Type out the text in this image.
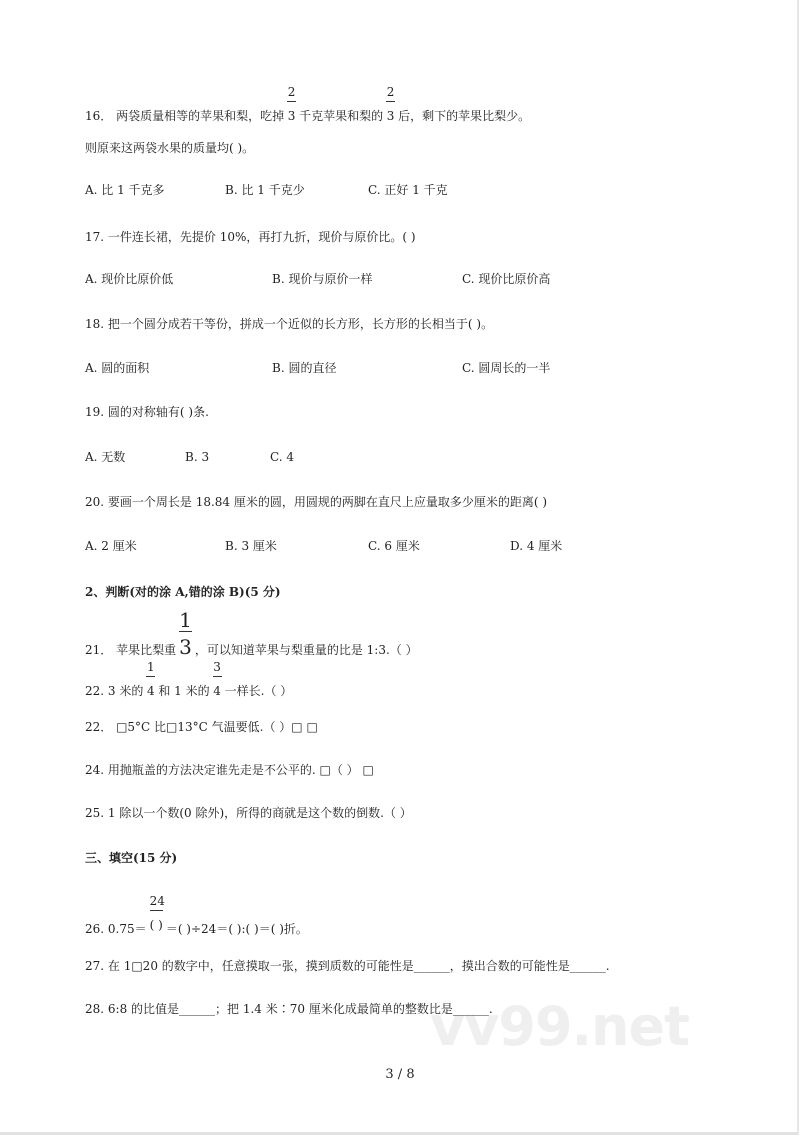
vv99.net
16． 两袋质量相等的苹果和梨，吃掉 $\frac{2}{3}$ 千克苹果和梨的 $\frac{2}{3}$ 后，剩下的苹果比梨少。
则原来这两袋水果的质量均( )。
A. 比 1 千克多	B. 比 1 千克少	C. 正好 1 千克
17. 一件连长裙，先提价 10%，再打九折，现价与原价比。( )
A. 现价比原价低	B. 现价与原价一样	C. 现价比原价高
18. 把一个圆分成若干等份，拼成一个近似的长方形，长方形的长相当于( )。
A. 圆的面积	B. 圆的直径	C. 圆周长的一半
19. 圆的对称轴有( )条.
A. 无数	B. 3	C. 4
20. 要画一个周长是 18.84 厘米的圆，用圆规的两脚在直尺上应量取多少厘米的距离( )
A. 2 厘米	B. 3 厘米	C. 6 厘米	D. 4 厘米
2、判断(对的涂 A,错的涂 B)(5 分)
21． 苹果比梨重 $\frac{1}{3}$ ，可以知道苹果与梨重量的比是 1:3.（ ）
22. 3 米的 $\frac{1}{4}$ 和 1 米的 $\frac{3}{4}$ 一样长.（ ）
22． □5°C 比□13°C 气温要低.（ ）□ □
24. 用抛瓶盖的方法决定谁先走是不公平的. □（ ） □
25. 1 除以一个数(0 除外)，所得的商就是这个数的倒数.（ ）
三、填空(15 分)
26. $0.75= \frac{24}{( )}$ ＝( )÷24＝( ):( )＝( )折。
27. 在 1□20 的数字中，任意摸取一张，摸到质数的可能性是______，摸出合数的可能性是______.
28. 6:8 的比值是______；把 1.4 米∶70 厘米化成最简单的整数比是______.
3 / 8
